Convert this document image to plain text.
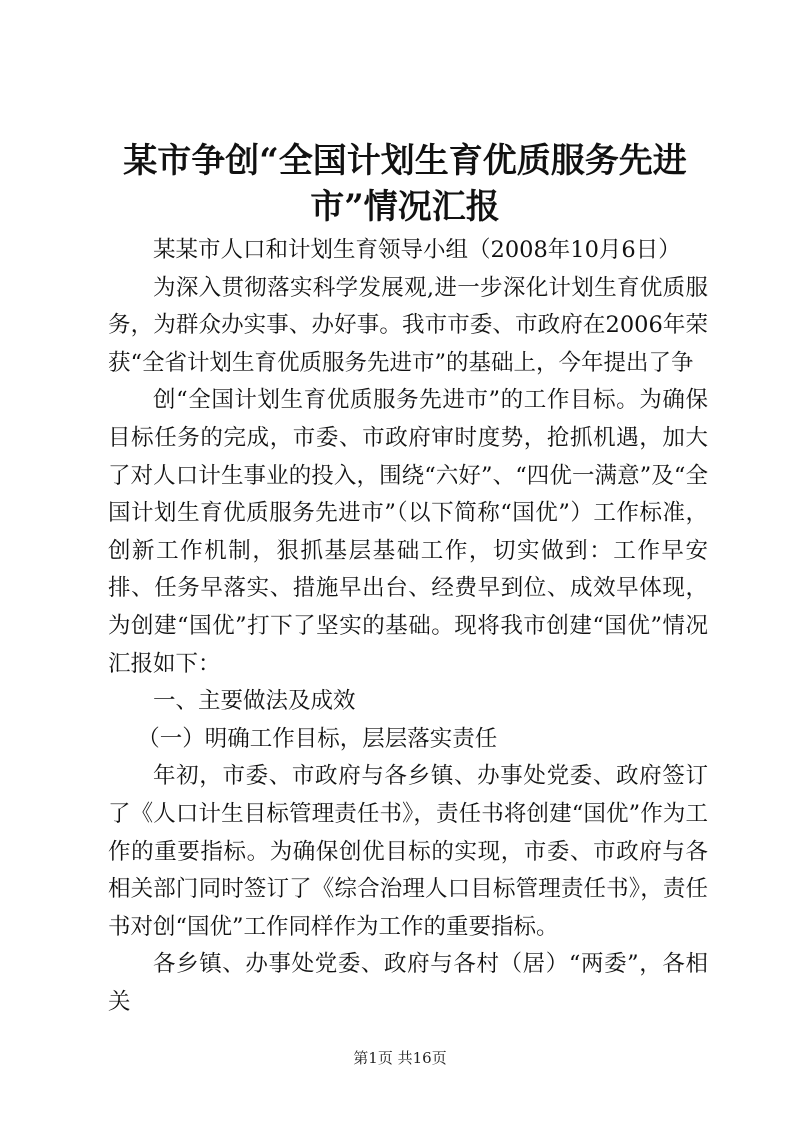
某市争创“全国计划生育优质服务先进市”情况汇报

某某市人口和计划生育领导小组（2008年10月6日）

为深入贯彻落实科学发展观,进一步深化计划生育优质服务，为群众办实事、办好事。我市市委、市政府在2006年荣获“全省计划生育优质服务先进市”的基础上，今年提出了争

创“全国计划生育优质服务先进市”的工作目标。为确保目标任务的完成，市委、市政府审时度势，抢抓机遇，加大了对人口计生事业的投入，围绕“六好”、“四优一满意”及“全国计划生育优质服务先进市”（以下简称“国优”）工作标准，创新工作机制，狠抓基层基础工作，切实做到：工作早安排、任务早落实、措施早出台、经费早到位、成效早体现，为创建“国优”打下了坚实的基础。现将我市创建“国优”情况汇报如下：

一、主要做法及成效

（一）明确工作目标，层层落实责任

年初，市委、市政府与各乡镇、办事处党委、政府签订了《人口计生目标管理责任书》，责任书将创建“国优”作为工作的重要指标。为确保创优目标的实现，市委、市政府与各相关部门同时签订了《综合治理人口目标管理责任书》，责任书对创“国优”工作同样作为工作的重要指标。

各乡镇、办事处党委、政府与各村（居）“两委”，各相关

第1页 共16页
